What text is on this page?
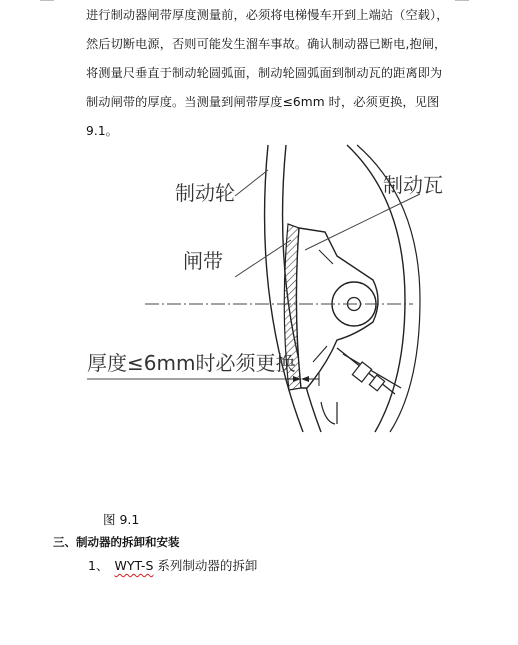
进行制动器闸带厚度测量前，必须将电梯慢车开到上端站（空载），
然后切断电源，否则可能发生溜车事故。确认制动器已断电,抱闸，
将测量尺垂直于制动轮圆弧面，制动轮圆弧面到制动瓦的距离即为
制动闸带的厚度。当测量到闸带厚度≤6mm 时，必须更换，见图
9.1。
制动轮	制动瓦
闸带
厚度≤6mm时必须更换
图 9.1
三、制动器的拆卸和安装
1、 WYT-S 系列制动器的拆卸
